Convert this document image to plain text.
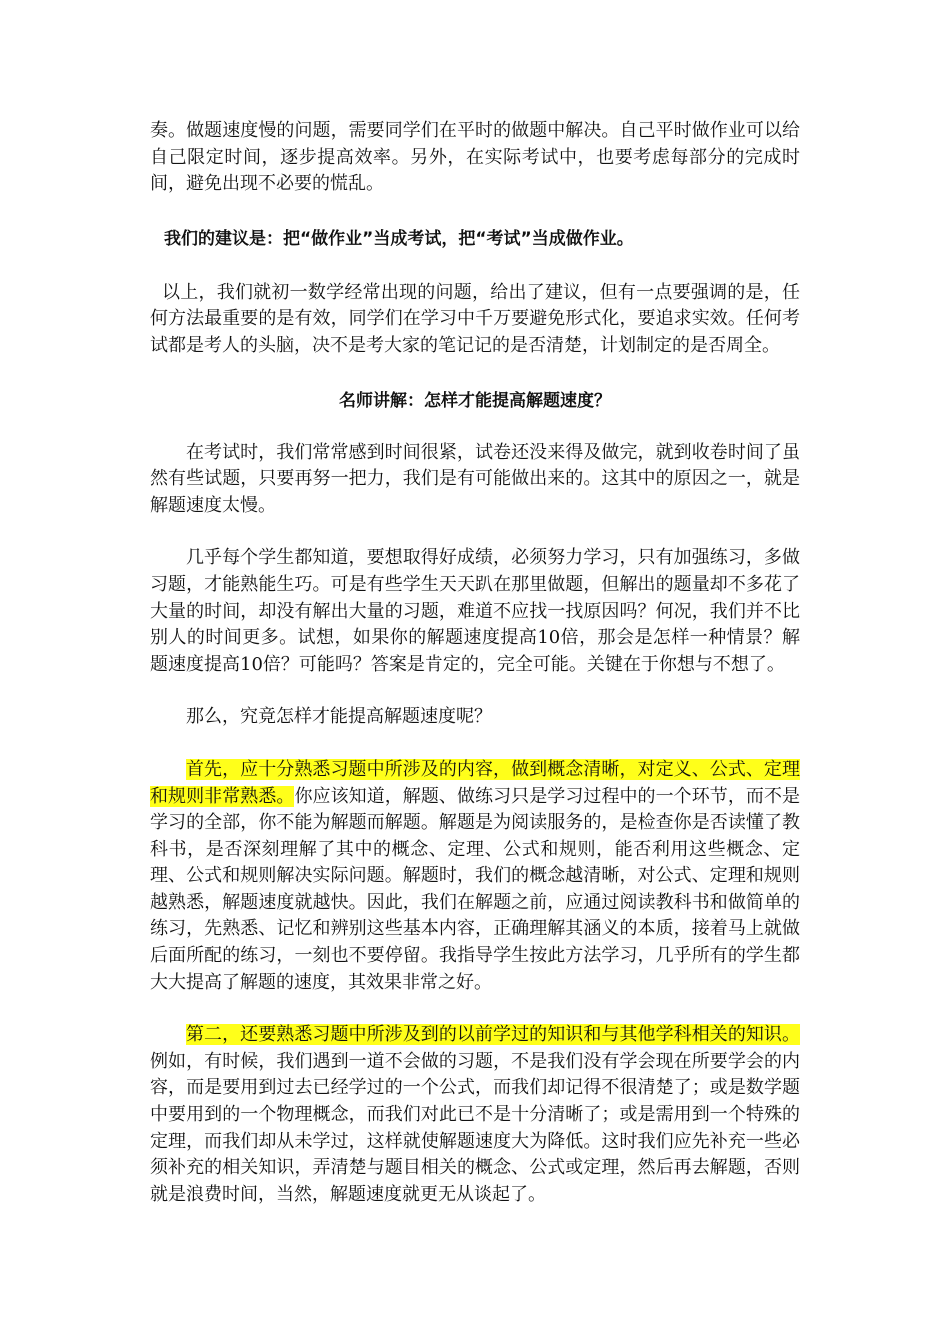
奏。做题速度慢的问题，需要同学们在平时的做题中解决。自己平时做作业可以给自己限定时间，逐步提高效率。另外，在实际考试中，也要考虑每部分的完成时间，避免出现不必要的慌乱。

我们的建议是：把“做作业”当成考试，把“考试”当成做作业。

以上，我们就初一数学经常出现的问题，给出了建议，但有一点要强调的是，任何方法最重要的是有效，同学们在学习中千万要避免形式化，要追求实效。任何考试都是考人的头脑，决不是考大家的笔记记的是否清楚，计划制定的是否周全。

名师讲解：怎样才能提高解题速度？

在考试时，我们常常感到时间很紧，试卷还没来得及做完，就到收卷时间了虽然有些试题，只要再努一把力，我们是有可能做出来的。这其中的原因之一，就是解题速度太慢。

几乎每个学生都知道，要想取得好成绩，必须努力学习，只有加强练习，多做习题，才能熟能生巧。可是有些学生天天趴在那里做题，但解出的题量却不多花了大量的时间，却没有解出大量的习题，难道不应找一找原因吗？何况，我们并不比别人的时间更多。试想，如果你的解题速度提高10倍，那会是怎样一种情景？解题速度提高10倍？可能吗？答案是肯定的，完全可能。关键在于你想与不想了。

那么，究竟怎样才能提高解题速度呢？

首先，应十分熟悉习题中所涉及的内容，做到概念清晰，对定义、公式、定理和规则非常熟悉。你应该知道，解题、做练习只是学习过程中的一个环节，而不是学习的全部，你不能为解题而解题。解题是为阅读服务的，是检查你是否读懂了教科书，是否深刻理解了其中的概念、定理、公式和规则，能否利用这些概念、定理、公式和规则解决实际问题。解题时，我们的概念越清晰，对公式、定理和规则越熟悉，解题速度就越快。因此，我们在解题之前，应通过阅读教科书和做简单的练习，先熟悉、记忆和辨别这些基本内容，正确理解其涵义的本质，接着马上就做后面所配的练习，一刻也不要停留。我指导学生按此方法学习，几乎所有的学生都大大提高了解题的速度，其效果非常之好。

第二，还要熟悉习题中所涉及到的以前学过的知识和与其他学科相关的知识。例如，有时候，我们遇到一道不会做的习题，不是我们没有学会现在所要学会的内容，而是要用到过去已经学过的一个公式，而我们却记得不很清楚了；或是数学题中要用到的一个物理概念，而我们对此已不是十分清晰了；或是需用到一个特殊的定理，而我们却从未学过，这样就使解题速度大为降低。这时我们应先补充一些必须补充的相关知识，弄清楚与题目相关的概念、公式或定理，然后再去解题，否则就是浪费时间，当然，解题速度就更无从谈起了。
